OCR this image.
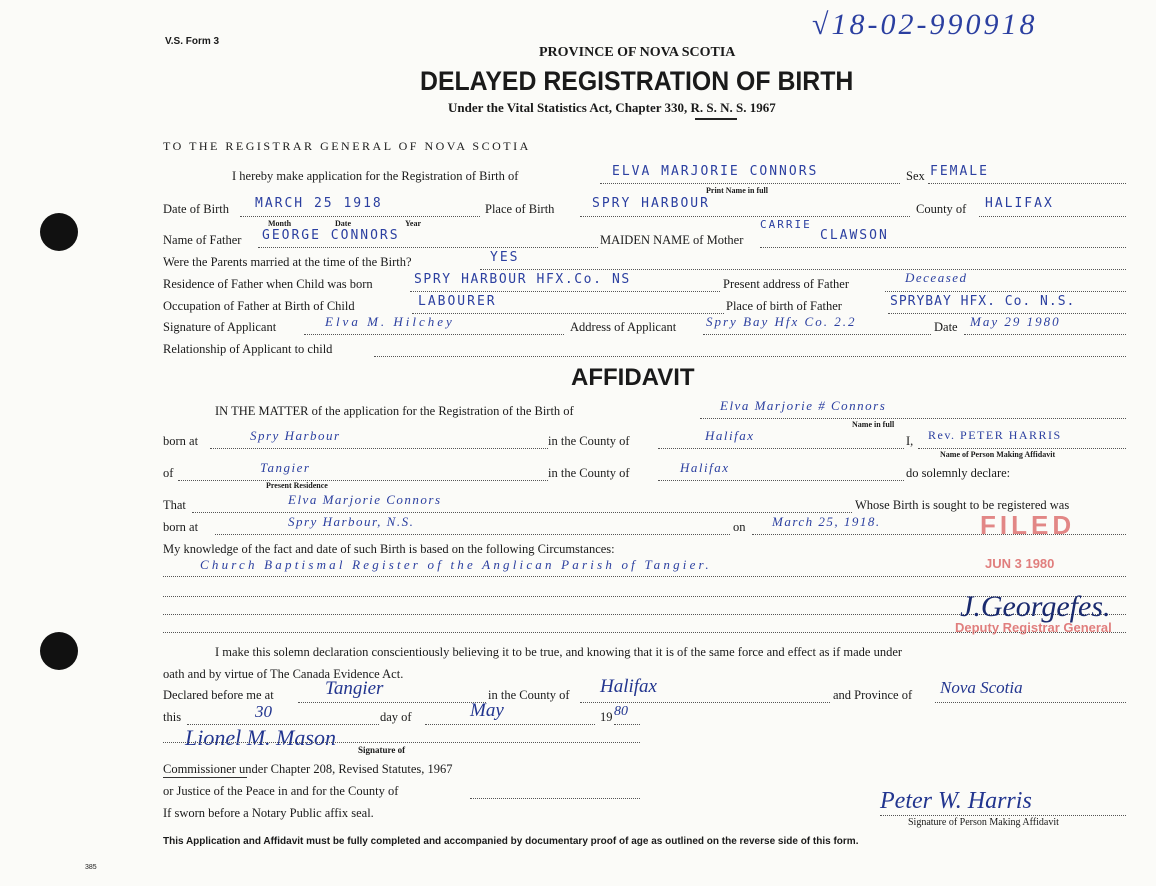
V.S. Form 3
√18-02-990918
PROVINCE OF NOVA SCOTIA
DELAYED REGISTRATION OF BIRTH
Under the Vital Statistics Act, Chapter 330, R. S. N. S. 1967
TO THE REGISTRAR GENERAL OF NOVA SCOTIA
I hereby make application for the Registration of Birth of	ELVA MARJORIE CONNORS	Sex FEMALE
Print Name in full
Date of Birth MARCH 25 1918
Month	Date	Year
Place of Birth	SPRY HARBOUR	County of HALIFAX
Name of Father GEORGE CONNORS	MAIDEN NAME of Mother
CARRIE
CLAWSON
Were the Parents married at the time of the Birth?	YES
Residence of Father when Child was born	SPRY HARBOUR HFX.Co. NS	Present address of Father	Deceased
Occupation of Father at Birth of Child	LABOURER	Place of birth of Father	SPRYBAY HFX. Co. N.S.
Signature of Applicant	Elva M. Hilchey	Address of Applicant Spry Bay Hfx Co. 2.2	Date May 29 1980
Relationship of Applicant to child
AFFIDAVIT
IN THE MATTER of the application for the Registration of the Birth of	Elva Marjorie # Connors
Name in full
born at	Spry Harbour	in the County of	Halifax	I, Rev. PETER HARRIS
Name of Person Making Affidavit
of	Tangier
Present Residence
in the County of	Halifax	do solemnly declare:
That	Elva Marjorie Connors	Whose Birth is sought to be registered was
born at	Spry Harbour, N.S.	on March 25, 1918.
My knowledge of the fact and date of such Birth is based on the following Circumstances:
Church Baptismal Register of the Anglican Parish of Tangier.
FILED
JUN 3 1980
J.Georgefes.
Deputy Registrar General
I make this solemn declaration conscientiously believing it to be true, and knowing that it is of the same force and effect as if made under
oath and by virtue of The Canada Evidence Act.
Declared before me at	Tangier	in the County of Halifax	and Province of Nova Scotia
this	30	day of	May	19 80
Lionel M. Mason Signature of
Commissioner under Chapter 208, Revised Statutes, 1967
or Justice of the Peace in and for the County of
If sworn before a Notary Public affix seal.	Peter W. Harris
Signature of Person Making Affidavit
This Application and Affidavit must be fully completed and accompanied by documentary proof of age as outlined on the reverse side of this form.
385
